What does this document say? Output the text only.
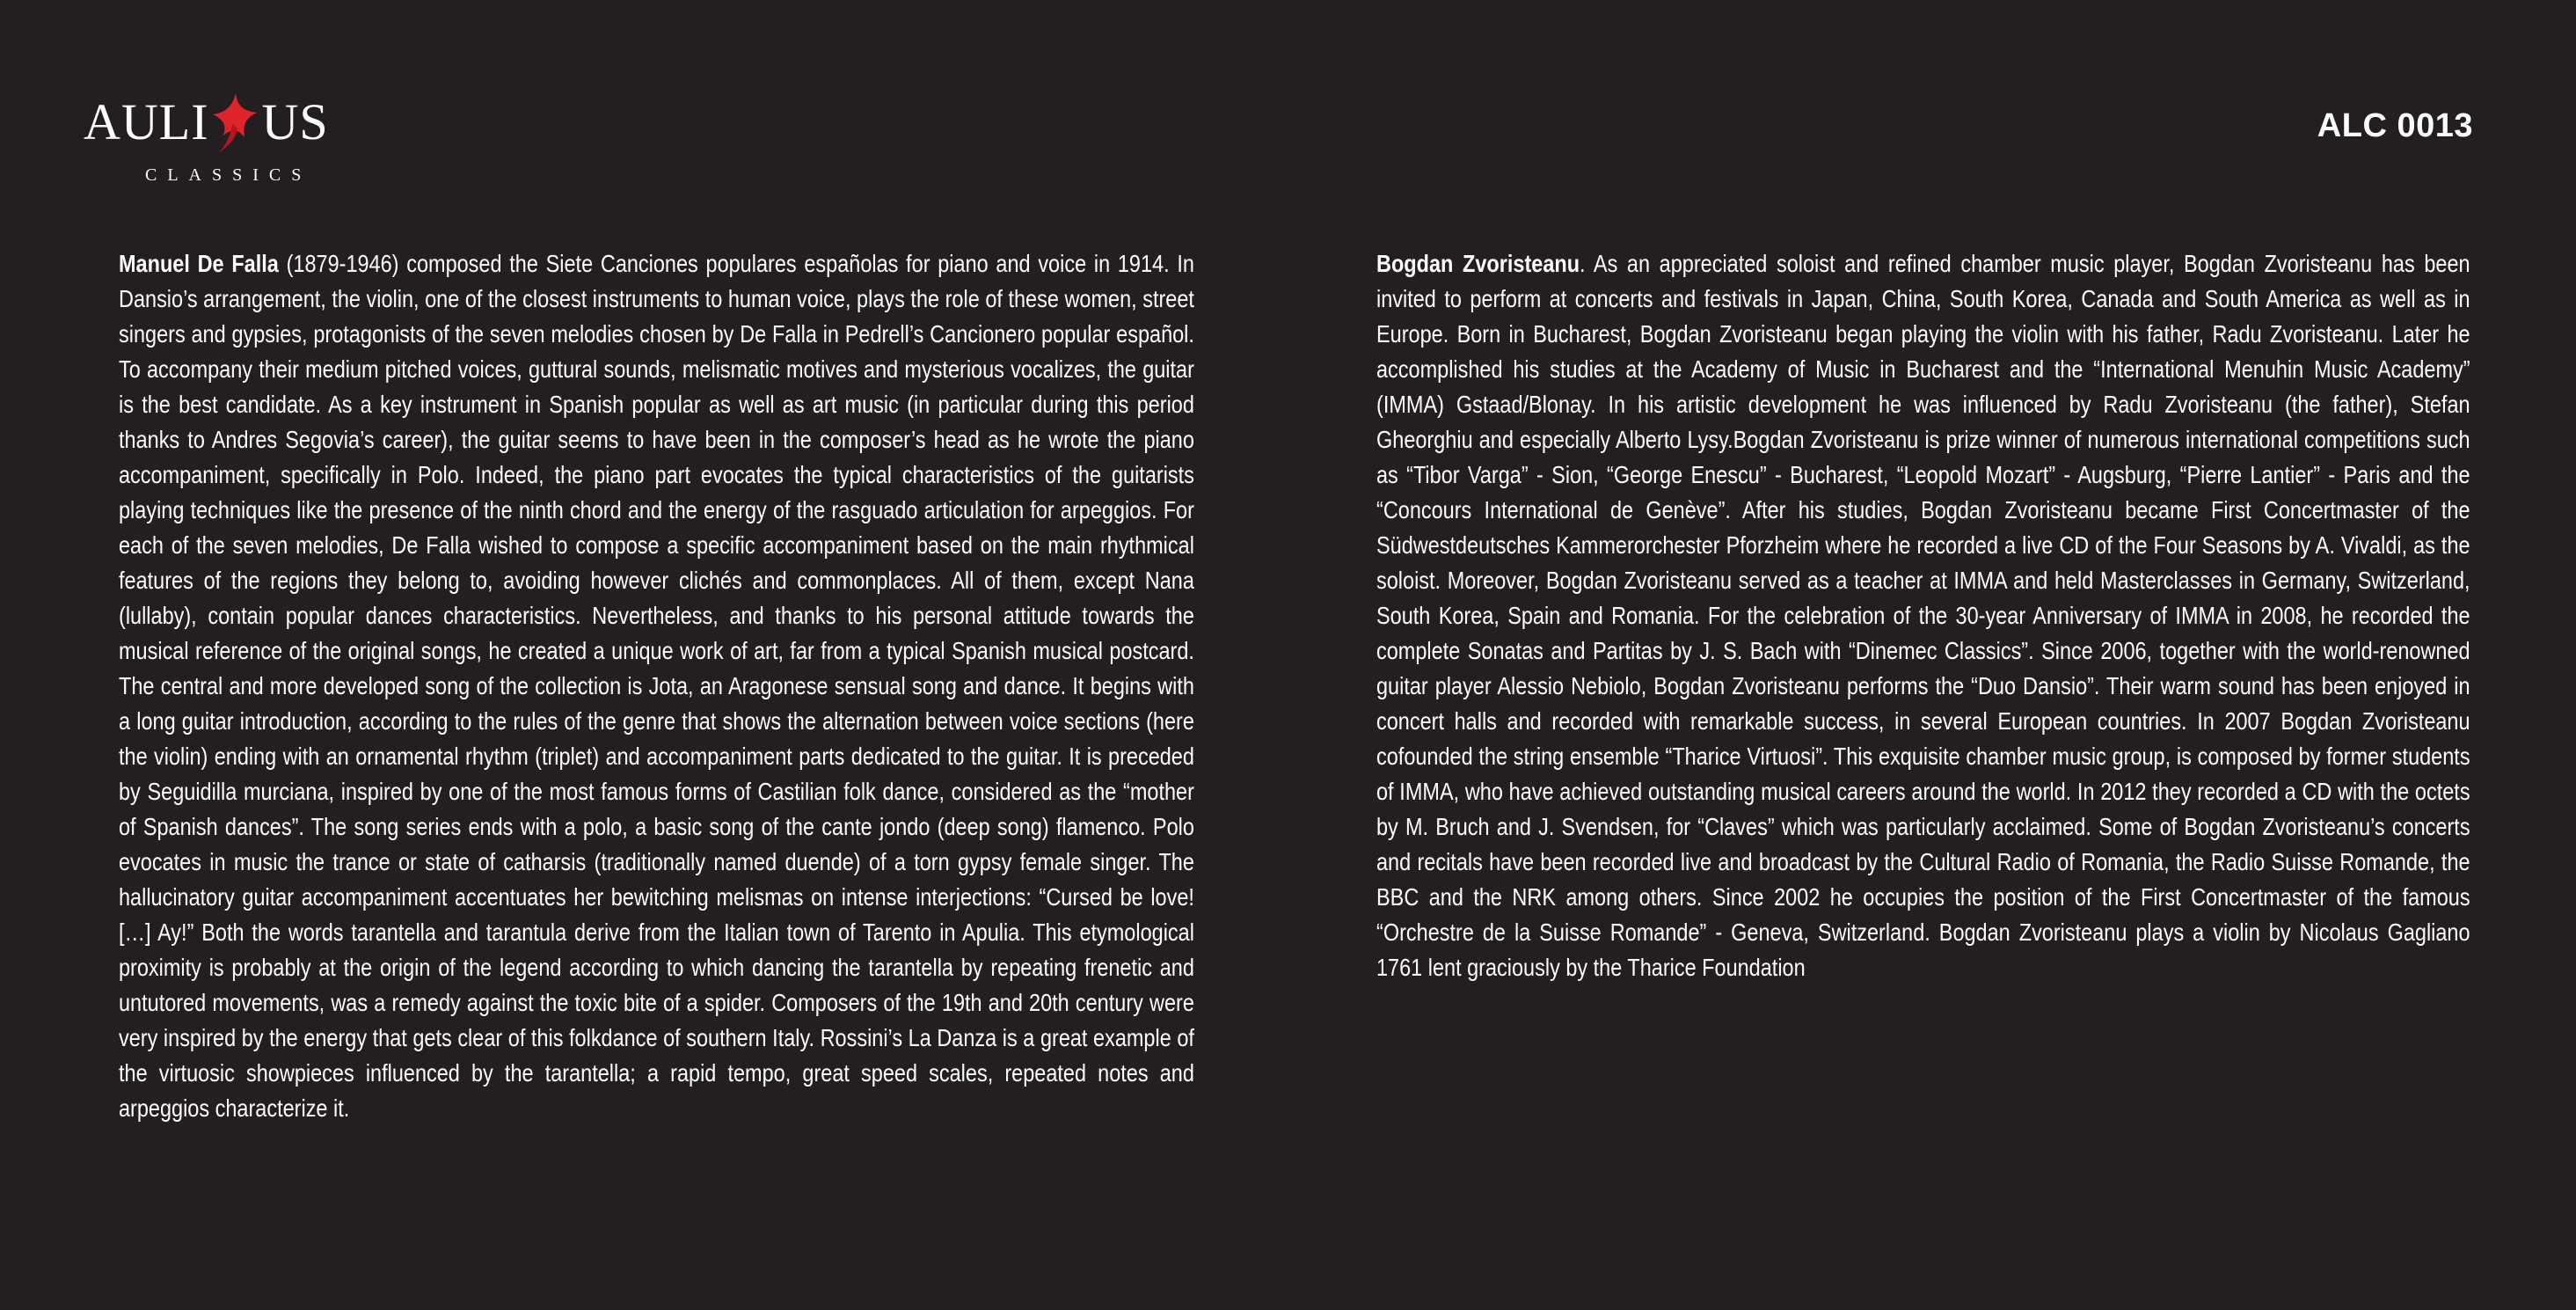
AULI US
CLASSICS
ALC 0013
Manuel De Falla (1879-1946) composed the Siete Canciones populares españolas for piano and voice in 1914. In Dansio’s arrangement, the violin, one of the closest instruments to human voice, plays the role of these women, street singers and gypsies, protagonists of the seven melodies chosen by De Falla in Pedrell’s Cancionero popular español. To accompany their medium pitched voices, guttural sounds, melismatic motives and mysterious vocalizes, the guitar is the best candidate. As a key instrument in Spanish popular as well as art music (in particular during this period thanks to Andres Segovia’s career), the guitar seems to have been in the composer’s head as he wrote the piano accompaniment, specifically in Polo. Indeed, the piano part evocates the typical characteristics of the guitarists playing techniques like the presence of the ninth chord and the energy of the rasguado articulation for arpeggios. For each of the seven melodies, De Falla wished to compose a specific accompaniment based on the main rhythmical features of the regions they belong to, avoiding however clichés and commonplaces. All of them, except Nana (lullaby), contain popular dances characteristics. Nevertheless, and thanks to his personal attitude towards the musical reference of the original songs, he created a unique work of art, far from a typical Spanish musical postcard. The central and more developed song of the collection is Jota, an Aragonese sensual song and dance. It begins with a long guitar introduction, according to the rules of the genre that shows the alternation between voice sections (here the violin) ending with an ornamental rhythm (triplet) and accompaniment parts dedicated to the guitar. It is preceded by Seguidilla murciana, inspired by one of the most famous forms of Castilian folk dance, considered as the “mother of Spanish dances”. The song series ends with a polo, a basic song of the cante jondo (deep song) flamenco. Polo evocates in music the trance or state of catharsis (traditionally named duende) of a torn gypsy female singer. The hallucinatory guitar accompaniment accentuates her bewitching melismas on intense interjections: “Cursed be love! […] Ay!” Both the words tarantella and tarantula derive from the Italian town of Tarento in Apulia. This etymological proximity is probably at the origin of the legend according to which dancing the tarantella by repeating frenetic and untutored movements, was a remedy against the toxic bite of a spider. Composers of the 19th and 20th century were very inspired by the energy that gets clear of this folkdance of southern Italy. Rossini’s La Danza is a great example of the virtuosic showpieces influenced by the tarantella; a rapid tempo, great speed scales, repeated notes and arpeggios characterize it.
Bogdan Zvoristeanu. As an appreciated soloist and refined chamber music player, Bogdan Zvoristeanu has been invited to perform at concerts and festivals in Japan, China, South Korea, Canada and South America as well as in Europe. Born in Bucharest, Bogdan Zvoristeanu began playing the violin with his father, Radu Zvoristeanu. Later he accomplished his studies at the Academy of Music in Bucharest and the “International Menuhin Music Academy” (IMMA) Gstaad/Blonay. In his artistic development he was influenced by Radu Zvoristeanu (the father), Stefan Gheorghiu and especially Alberto Lysy.Bogdan Zvoristeanu is prize winner of numerous international competitions such as “Tibor Varga” - Sion, “George Enescu” - Bucharest, “Leopold Mozart” - Augsburg, “Pierre Lantier” - Paris and the “Concours International de Genève”. After his studies, Bogdan Zvoristeanu became First Concertmaster of the Südwestdeutsches Kammerorchester Pforzheim where he recorded a live CD of the Four Seasons by A. Vivaldi, as the soloist. Moreover, Bogdan Zvoristeanu served as a teacher at IMMA and held Masterclasses in Germany, Switzerland, South Korea, Spain and Romania. For the celebration of the 30-year Anniversary of IMMA in 2008, he recorded the complete Sonatas and Partitas by J. S. Bach with “Dinemec Classics”. Since 2006, together with the world-renowned guitar player Alessio Nebiolo, Bogdan Zvoristeanu performs the “Duo Dansio”. Their warm sound has been enjoyed in concert halls and recorded with remarkable success, in several European countries. In 2007 Bogdan Zvoristeanu cofounded the string ensemble “Tharice Virtuosi”. This exquisite chamber music group, is composed by former students of IMMA, who have achieved outstanding musical careers around the world. In 2012 they recorded a CD with the octets by M. Bruch and J. Svendsen, for “Claves” which was particularly acclaimed. Some of Bogdan Zvoristeanu’s concerts and recitals have been recorded live and broadcast by the Cultural Radio of Romania, the Radio Suisse Romande, the BBC and the NRK among others. Since 2002 he occupies the position of the First Concertmaster of the famous “Orchestre de la Suisse Romande” - Geneva, Switzerland. Bogdan Zvoristeanu plays a violin by Nicolaus Gagliano 1761 lent graciously by the Tharice Foundation
